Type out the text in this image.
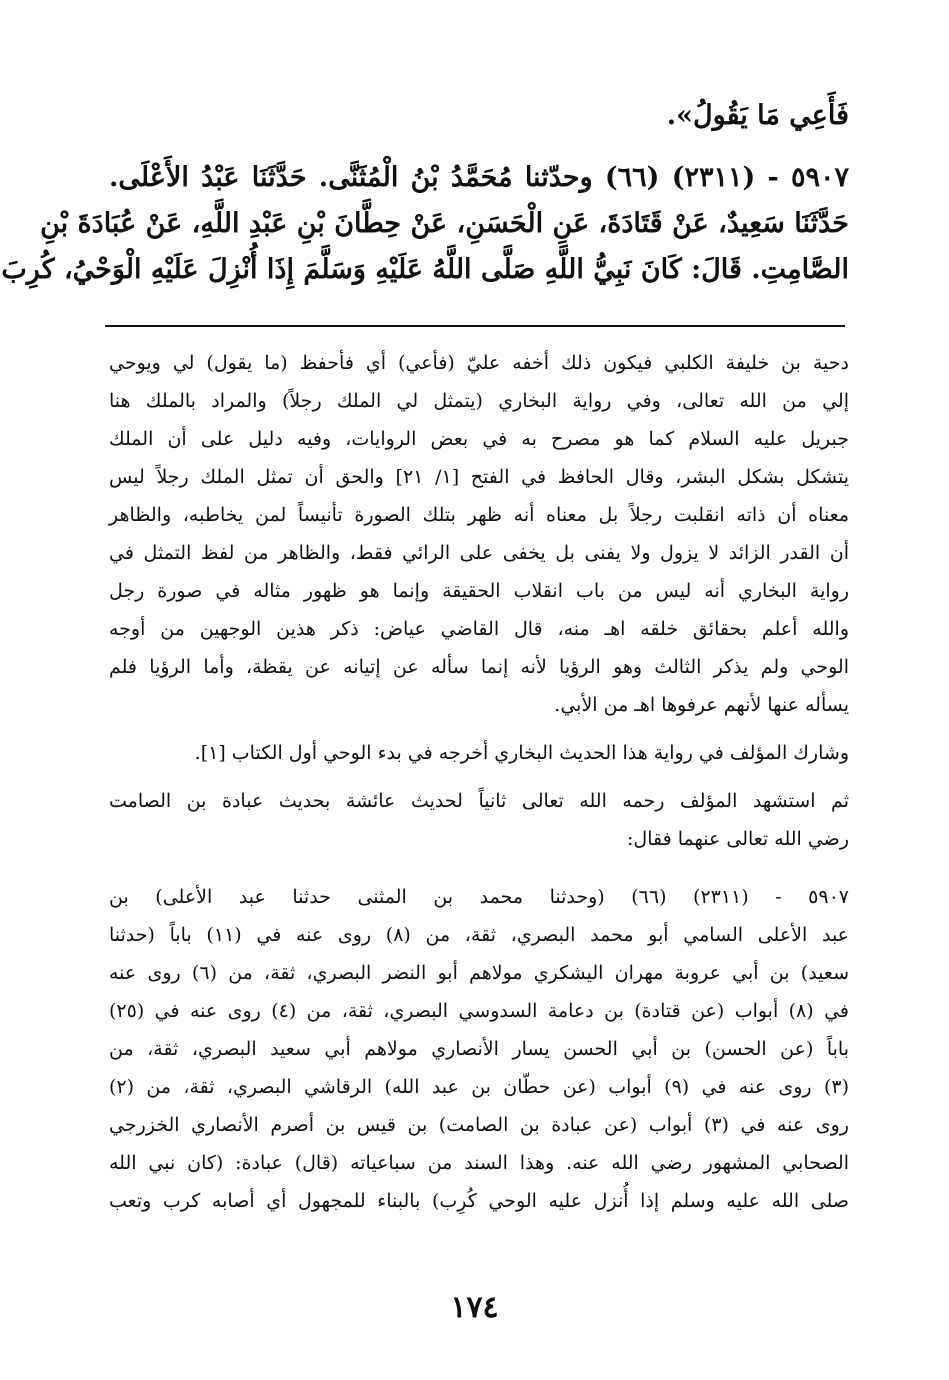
فَأَعِي مَا يَقُولُ».
٥٩٠٧ - (٢٣١١) (٦٦) وحدّثنا مُحَمَّدُ بْنُ الْمُثَنَّى. حَدَّثَنَا عَبْدُ الأَعْلَى.
حَدَّثَنَا سَعِيدٌ، عَنْ قَتَادَةَ، عَنِ الْحَسَنِ، عَنْ حِطَّانَ بْنِ عَبْدِ اللَّهِ، عَنْ عُبَادَةَ بْنِ
الصَّامِتِ. قَالَ: كَانَ نَبِيُّ اللَّهِ صَلَّى اللَّهُ عَلَيْهِ وَسَلَّمَ إِذَا أُنْزِلَ عَلَيْهِ الْوَحْيُ، كُرِبَ
دحية بن خليفة الكلبي فيكون ذلك أخفه عليّ (فأعي) أي فأحفظ (ما يقول) لي ويوحي
إلي من الله تعالى، وفي رواية البخاري (يتمثل لي الملك رجلاً) والمراد بالملك هنا
جبريل عليه السلام كما هو مصرح به في بعض الروايات، وفيه دليل على أن الملك
يتشكل بشكل البشر، وقال الحافظ في الفتح [١/ ٢١] والحق أن تمثل الملك رجلاً ليس
معناه أن ذاته انقلبت رجلاً بل معناه أنه ظهر بتلك الصورة تأنيساً لمن يخاطبه، والظاهر
أن القدر الزائد لا يزول ولا يفنى بل يخفى على الرائي فقط، والظاهر من لفظ التمثل في
رواية البخاري أنه ليس من باب انقلاب الحقيقة وإنما هو ظهور مثاله في صورة رجل
والله أعلم بحقائق خلقه اهـ منه، قال القاضي عياض: ذكر هذين الوجهين من أوجه
الوحي ولم يذكر الثالث وهو الرؤيا لأنه إنما سأله عن إتيانه عن يقظة، وأما الرؤيا فلم
يسأله عنها لأنهم عرفوها اهـ من الأبي.
وشارك المؤلف في رواية هذا الحديث البخاري أخرجه في بدء الوحي أول الكتاب [١].
ثم استشهد المؤلف رحمه الله تعالى ثانياً لحديث عائشة بحديث عبادة بن الصامت
رضي الله تعالى عنهما فقال:
٥٩٠٧ - (٢٣١١) (٦٦) (وحدثنا محمد بن المثنى حدثنا عبد الأعلى) بن
عبد الأعلى السامي أبو محمد البصري، ثقة، من (٨) روى عنه في (١١) باباً (حدثنا
سعيد) بن أبي عروبة مهران اليشكري مولاهم أبو النضر البصري، ثقة، من (٦) روى عنه
في (٨) أبواب (عن قتادة) بن دعامة السدوسي البصري، ثقة، من (٤) روى عنه في (٢٥)
باباً (عن الحسن) بن أبي الحسن يسار الأنصاري مولاهم أبي سعيد البصري، ثقة، من
(٣) روى عنه في (٩) أبواب (عن حطّان بن عبد الله) الرقاشي البصري، ثقة، من (٢)
روى عنه في (٣) أبواب (عن عبادة بن الصامت) بن قيس بن أصرم الأنصاري الخزرجي
الصحابي المشهور رضي الله عنه. وهذا السند من سباعياته (قال) عبادة: (كان نبي الله
صلى الله عليه وسلم إذا أُنزل عليه الوحي كُرِب) بالبناء للمجهول أي أصابه كرب وتعب
١٧٤
